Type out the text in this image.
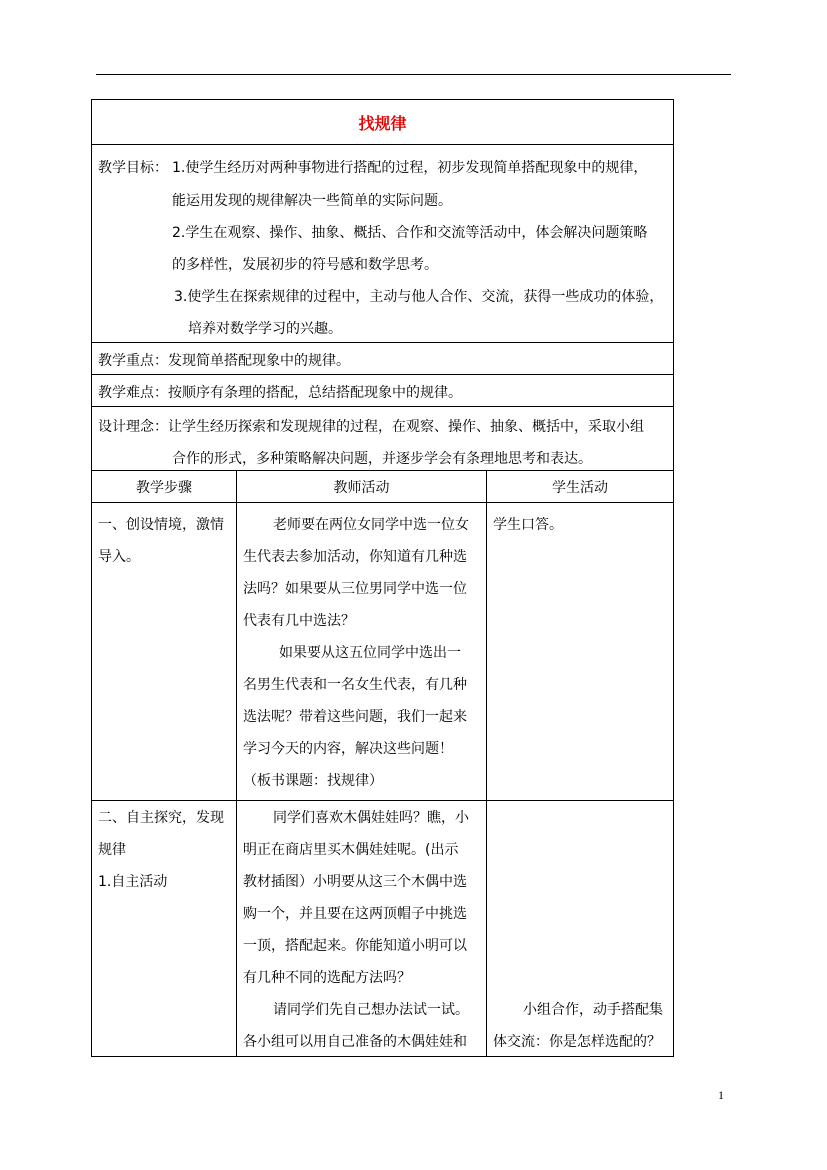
找规律
教学目标： 1.使学生经历对两种事物进行搭配的过程，初步发现简单搭配现象中的规律，
能运用发现的规律解决一些简单的实际问题。
2.学生在观察、操作、抽象、概括、合作和交流等活动中，体会解决问题策略
的多样性，发展初步的符号感和数学思考。
3.使学生在探索规律的过程中，主动与他人合作、交流，获得一些成功的体验，
培养对数学学习的兴趣。
教学重点：发现简单搭配现象中的规律。
教学难点：按顺序有条理的搭配，总结搭配现象中的规律。
设计理念：让学生经历探索和发现规律的过程，在观察、操作、抽象、概括中，采取小组
合作的形式，多种策略解决问题，并逐步学会有条理地思考和表达。
教学步骤	教师活动	学生活动
一、创设情境，激情
导入。
老师要在两位女同学中选一位女
生代表去参加活动，你知道有几种选
法吗？如果要从三位男同学中选一位
代表有几中选法？
如果要从这五位同学中选出一
名男生代表和一名女生代表，有几种
选法呢？带着这些问题，我们一起来
学习今天的内容，解决这些问题！
（板书课题：找规律）
学生口答。
二、自主探究，发现
规律
1.自主活动
同学们喜欢木偶娃娃吗？瞧，小
明正在商店里买木偶娃娃呢。(出示
教材插图）小明要从这三个木偶中选
购一个，并且要在这两顶帽子中挑选
一顶，搭配起来。你能知道小明可以
有几种不同的选配方法吗？
请同学们先自己想办法试一试。
各小组可以用自己准备的木偶娃娃和
小组合作，动手搭配集
体交流：你是怎样选配的？
1
